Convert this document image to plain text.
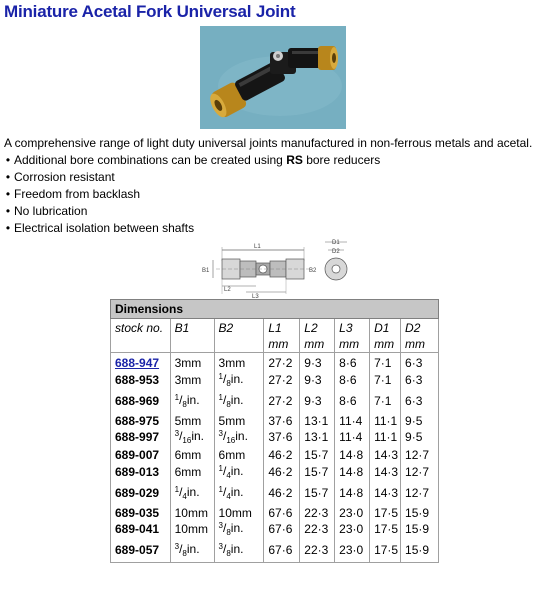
Miniature Acetal Fork Universal Joint
A comprehensive range of light duty universal joints manufactured in non-ferrous metals and acetal.
• Additional bore combinations can be created using RS bore reducers
• Corrosion resistant
• Freedom from backlash
• No lubrication
• Electrical isolation between shafts
L1
B1	B2
L2
L3
D1
D2
Dimensions							
stock no.	B1	B2	L1	L2	L3	D1	D2
			mm	mm	mm	mm	mm
688-947	3mm	3mm	27·2	9·3	8·6	7·1	6·3
688-953	3mm	$^1/_8in$.	27·2	9·3	8·6	7·1	6·3
688-969	$^1/_8in$.	$^1/_8in$.	27·2	9·3	8·6	7·1	6·3
688-975	5mm	5mm	37·6	13·1	11·4	11·1	9·5
688-997	$^3/_{16}in$.	$^3/_{16}in$.	37·6	13·1	11·4	11·1	9·5
689-007	6mm	6mm	46·2	15·7	14·8	14·3	12·7
689-013	6mm	$^1/_4in$.	46·2	15·7	14·8	14·3	12·7
689-029	$^1/_4in$.	$^1/_4in$.	46·2	15·7	14·8	14·3	12·7
689-035	10mm	10mm	67·6	22·3	23·0	17·5	15·9
689-041	10mm	$^3/_8in$.	67·6	22·3	23·0	17·5	15·9
689-057	$^3/_8in$.	$^3/_8in$.	67·6	22·3	23·0	17·5	15·9
